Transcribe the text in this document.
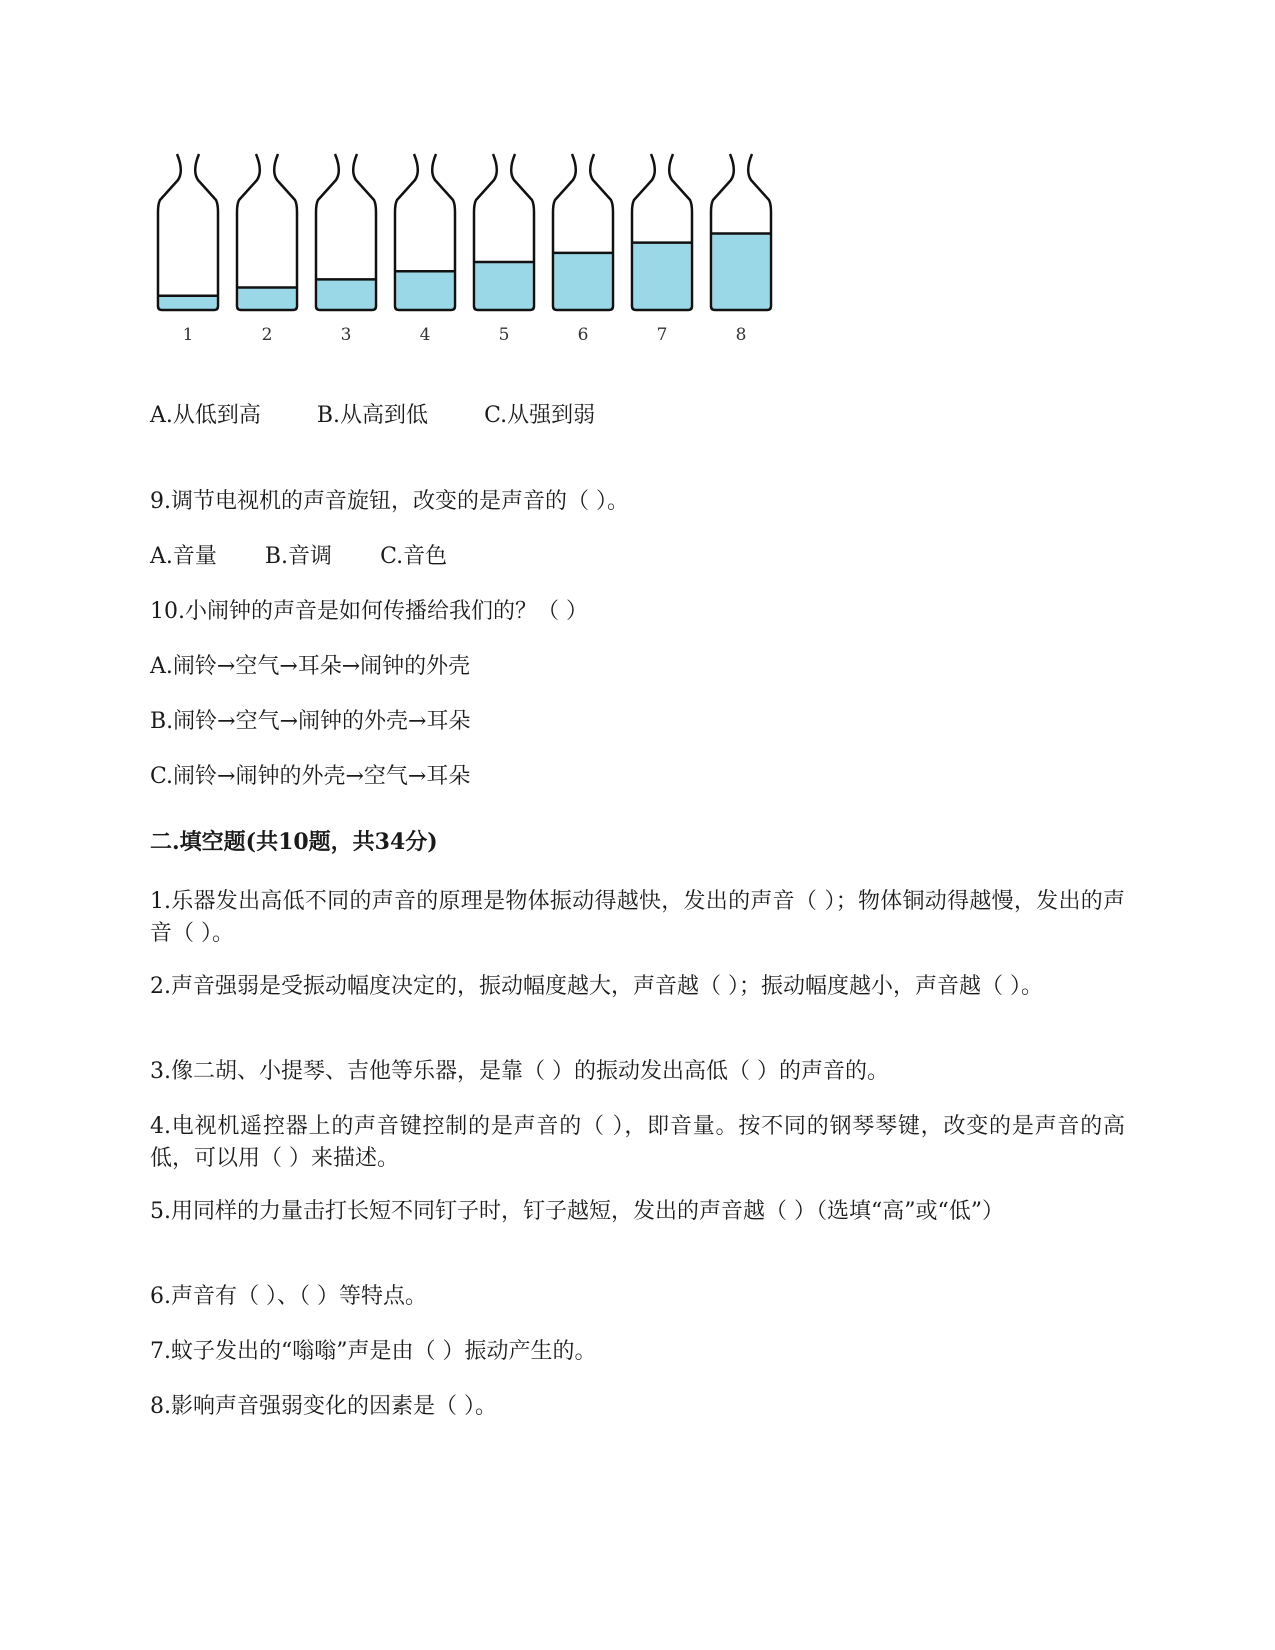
1	2	3	4	5	6	7	8
A.从低到高	B.从高到低	C.从强到弱
9.调节电视机的声音旋钮，改变的是声音的（ ）。
A.音量 B.音调 C.音色
10.小闹钟的声音是如何传播给我们的？（ ）
A.闹铃→空气→耳朵→闹钟的外壳
B.闹铃→空气→闹钟的外壳→耳朵
C.闹铃→闹钟的外壳→空气→耳朵
二.填空题(共10题，共34分)
1.乐器发出高低不同的声音的原理是物体振动得越快，发出的声音（ ）；物体铜动得越慢，发出的声音（ ）。
2.声音强弱是受振动幅度决定的，振动幅度越大，声音越（ ）；振动幅度越小，声音越（ ）。
3.像二胡、小提琴、吉他等乐器，是靠（ ）的振动发出高低（ ）的声音的。
4.电视机遥控器上的声音键控制的是声音的（ ），即音量。按不同的钢琴琴键，改变的是声音的高低，可以用（ ）来描述。
5.用同样的力量击打长短不同钉子时，钉子越短，发出的声音越（ ）（选填“高”或“低”）
6.声音有（ ）、（ ）等特点。
7.蚊子发出的“嗡嗡”声是由（ ）振动产生的。
8.影响声音强弱变化的因素是（ ）。
